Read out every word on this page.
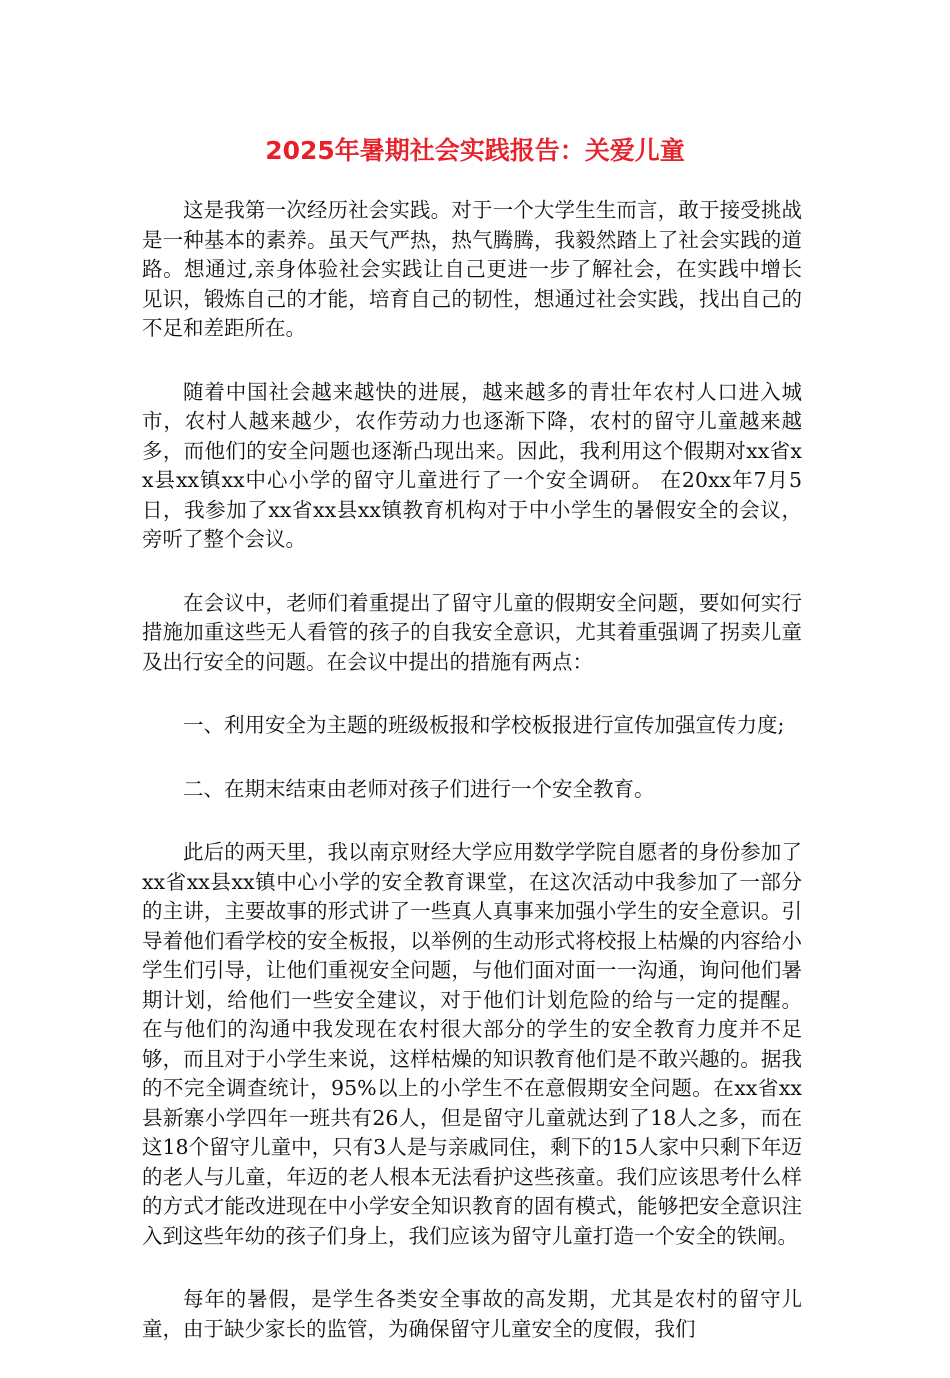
2025年暑期社会实践报告：关爱儿童

这是我第一次经历社会实践。对于一个大学生生而言，敢于接受挑战是一种基本的素养。虽天气严热，热气腾腾，我毅然踏上了社会实践的道路。想通过,亲身体验社会实践让自己更进一步了解社会，在实践中增长见识，锻炼自己的才能，培育自己的韧性，想通过社会实践，找出自己的不足和差距所在。

随着中国社会越来越快的进展，越来越多的青壮年农村人口进入城市，农村人越来越少，农作劳动力也逐渐下降，农村的留守儿童越来越多，而他们的安全问题也逐渐凸现出来。因此，我利用这个假期对xx省xx县xx镇xx中心小学的留守儿童进行了一个安全调研。 在20xx年7月5日，我参加了xx省xx县xx镇教育机构对于中小学生的暑假安全的会议，旁听了整个会议。

在会议中，老师们着重提出了留守儿童的假期安全问题，要如何实行措施加重这些无人看管的孩子的自我安全意识，尤其着重强调了拐卖儿童及出行安全的问题。在会议中提出的措施有两点：

一、利用安全为主题的班级板报和学校板报进行宣传加强宣传力度;

二、在期末结束由老师对孩子们进行一个安全教育。

此后的两天里，我以南京财经大学应用数学学院自愿者的身份参加了xx省xx县xx镇中心小学的安全教育课堂，在这次活动中我参加了一部分的主讲，主要故事的形式讲了一些真人真事来加强小学生的安全意识。引导着他们看学校的安全板报，以举例的生动形式将校报上枯燥的内容给小学生们引导，让他们重视安全问题，与他们面对面一一沟通，询问他们暑期计划，给他们一些安全建议，对于他们计划危险的给与一定的提醒。 在与他们的沟通中我发现在农村很大部分的学生的安全教育力度并不足够，而且对于小学生来说，这样枯燥的知识教育他们是不敢兴趣的。据我的不完全调查统计，95%以上的小学生不在意假期安全问题。在xx省xx县新寨小学四年一班共有26人，但是留守儿童就达到了18人之多，而在这18个留守儿童中，只有3人是与亲戚同住，剩下的15人家中只剩下年迈的老人与儿童，年迈的老人根本无法看护这些孩童。我们应该思考什么样的方式才能改进现在中小学安全知识教育的固有模式，能够把安全意识注入到这些年幼的孩子们身上，我们应该为留守儿童打造一个安全的铁闸。

每年的暑假，是学生各类安全事故的高发期，尤其是农村的留守儿童，由于缺少家长的监管，为确保留守儿童安全的度假，我们
